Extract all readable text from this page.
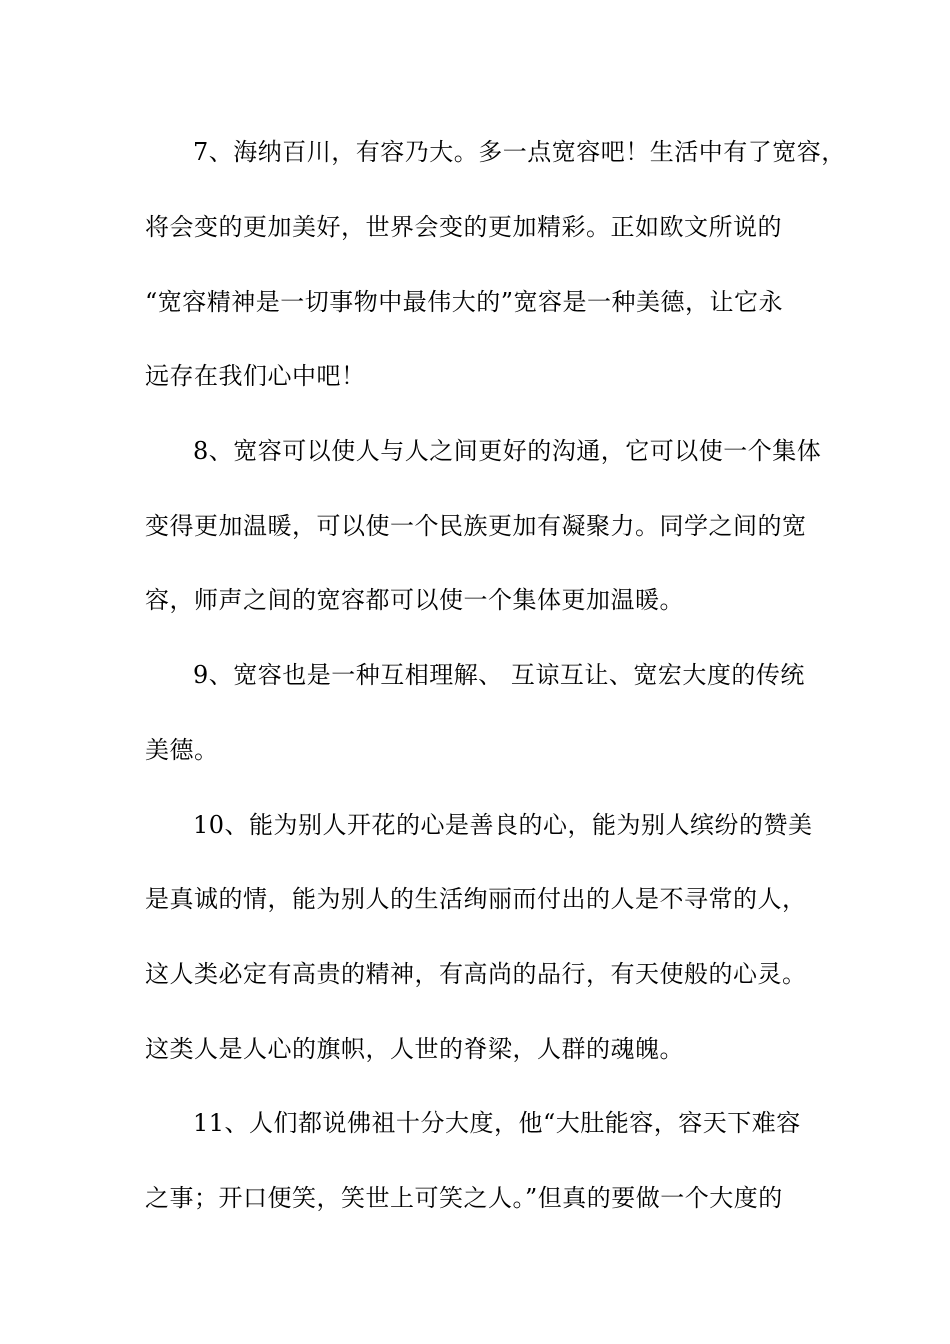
7、海纳百川，有容乃大。多一点宽容吧！生活中有了宽容，
将会变的更加美好，世界会变的更加精彩。正如欧文所说的
“宽容精神是一切事物中最伟大的”宽容是一种美德，让它永
远存在我们心中吧！
8、宽容可以使人与人之间更好的沟通，它可以使一个集体
变得更加温暖，可以使一个民族更加有凝聚力。同学之间的宽
容，师声之间的宽容都可以使一个集体更加温暖。
9、宽容也是一种互相理解、 互谅互让、宽宏大度的传统
美德。
10、能为别人开花的心是善良的心，能为别人缤纷的赞美
是真诚的情，能为别人的生活绚丽而付出的人是不寻常的人，
这人类必定有高贵的精神，有高尚的品行，有天使般的心灵。
这类人是人心的旗帜，人世的脊梁，人群的魂魄。
11、人们都说佛祖十分大度，他“大肚能容，容天下难容
之事；开口便笑，笑世上可笑之人。”但真的要做一个大度的
